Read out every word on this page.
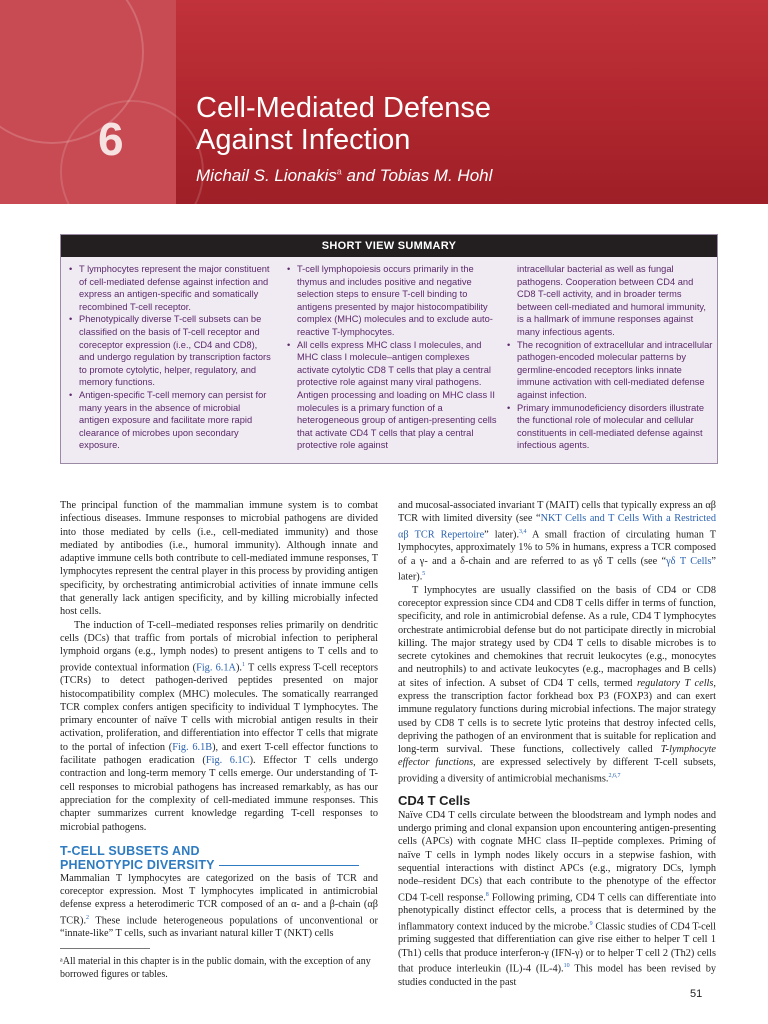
6
Cell-Mediated Defense
Against Infection
Michail S. Lionakis$^a$ and Tobias M. Hohl
SHORT VIEW SUMMARY
• T lymphocytes represent the major constituent of cell-mediated defense against infection and express an antigen-specific and somatically recombined T-cell receptor.
• Phenotypically diverse T-cell subsets can be classified on the basis of T-cell receptor and coreceptor expression (i.e., CD4 and CD8), and undergo regulation by transcription factors to promote cytolytic, helper, regulatory, and memory functions.
• Antigen-specific T-cell memory can persist for many years in the absence of microbial antigen exposure and facilitate more rapid clearance of microbes upon secondary exposure.
• T-cell lymphopoiesis occurs primarily in the thymus and includes positive and negative selection steps to ensure T-cell binding to antigens presented by major histocompatibility complex (MHC) molecules and to exclude auto-reactive T-lymphocytes.
• All cells express MHC class I molecules, and MHC class I molecule–antigen complexes activate cytolytic CD8 T cells that play a central protective role against many viral pathogens. Antigen processing and loading on MHC class II molecules is a primary function of a heterogeneous group of antigen-presenting cells that activate CD4 T cells that play a central protective role against
intracellular bacterial as well as fungal pathogens. Cooperation between CD4 and CD8 T-cell activity, and in broader terms between cell-mediated and humoral immunity, is a hallmark of immune responses against many infectious agents.
• The recognition of extracellular and intracellular pathogen-encoded molecular patterns by germline-encoded receptors links innate immune activation with cell-mediated defense against infection.
• Primary immunodeficiency disorders illustrate the functional role of molecular and cellular constituents in cell-mediated defense against infectious agents.

The principal function of the mammalian immune system is to combat infectious diseases. Immune responses to microbial pathogens are divided into those mediated by cells (i.e., cell-mediated immunity) and those mediated by antibodies (i.e., humoral immunity). Although innate and adaptive immune cells both contribute to cell-mediated immune responses, T lymphocytes represent the central player in this process by providing antigen specificity, by orchestrating antimicrobial activities of innate immune cells that generally lack antigen specificity, and by killing microbially infected host cells.

The induction of T-cell–mediated responses relies primarily on dendritic cells (DCs) that traffic from portals of microbial infection to peripheral lymphoid organs (e.g., lymph nodes) to present antigens to T cells and to provide contextual information (Fig. 6.1A).$^1$ T cells express T-cell receptors (TCRs) to detect pathogen-derived peptides presented on major histocompatibility complex (MHC) molecules. The somatically rearranged TCR complex confers antigen specificity to individual T lymphocytes. The primary encounter of naïve T cells with microbial antigen results in their activation, proliferation, and differentiation into effector T cells that migrate to the portal of infection (Fig. 6.1B), and exert T-cell effector functions to facilitate pathogen eradication (Fig. 6.1C). Effector T cells undergo contraction and long-term memory T cells emerge. Our understanding of T-cell responses to microbial pathogens has increased remarkably, as has our appreciation for the complexity of cell-mediated immune responses. This chapter summarizes current knowledge regarding T-cell responses to microbial pathogens.

T-CELL SUBSETS AND
PHENOTYPIC DIVERSITY

Mammalian T lymphocytes are categorized on the basis of TCR and coreceptor expression. Most T lymphocytes implicated in antimicrobial defense express a heterodimeric TCR composed of an α- and a β-chain (αβ TCR).$^2$ These include heterogeneous populations of unconventional or “innate-like” T cells, such as invariant natural killer T (NKT) cells

ᵃAll material in this chapter is in the public domain, with the exception of any borrowed figures or tables.

and mucosal-associated invariant T (MAIT) cells that typically express an αβ TCR with limited diversity (see “NKT Cells and T Cells With a Restricted αβ TCR Repertoire” later).$^{3,4}$ A small fraction of circulating human T lymphocytes, approximately 1% to 5% in humans, express a TCR composed of a γ- and a δ-chain and are referred to as γδ T cells (see “γδ T Cells” later).$^5$

T lymphocytes are usually classified on the basis of CD4 or CD8 coreceptor expression since CD4 and CD8 T cells differ in terms of function, specificity, and role in antimicrobial defense. As a rule, CD4 T lymphocytes orchestrate antimicrobial defense but do not participate directly in microbial killing. The major strategy used by CD4 T cells to disable microbes is to secrete cytokines and chemokines that recruit leukocytes (e.g., monocytes and neutrophils) to and activate leukocytes (e.g., macrophages and B cells) at sites of infection. A subset of CD4 T cells, termed regulatory T cells, express the transcription factor forkhead box P3 (FOXP3) and can exert immune regulatory functions during microbial infections. The major strategy used by CD8 T cells is to secrete lytic proteins that destroy infected cells, depriving the pathogen of an environment that is suitable for replication and long-term survival. These functions, collectively called T-lymphocyte effector functions, are expressed selectively by different T-cell subsets, providing a diversity of antimicrobial mechanisms.$^{2,6,7}$

CD4 T Cells

Naïve CD4 T cells circulate between the bloodstream and lymph nodes and undergo priming and clonal expansion upon encountering antigen-presenting cells (APCs) with cognate MHC class II–peptide complexes. Priming of naïve T cells in lymph nodes likely occurs in a stepwise fashion, with sequential interactions with distinct APCs (e.g., migratory DCs, lymph node–resident DCs) that each contribute to the phenotype of the effector CD4 T-cell response.$^8$ Following priming, CD4 T cells can differentiate into phenotypically distinct effector cells, a process that is determined by the inflammatory context induced by the microbe.$^9$ Classic studies of CD4 T-cell priming suggested that differentiation can give rise either to helper T cell 1 (Th1) cells that produce interferon-γ (IFN-γ) or to helper T cell 2 (Th2) cells that produce interleukin (IL)-4 (IL-4).$^{10}$ This model has been revised by studies conducted in the past

51
